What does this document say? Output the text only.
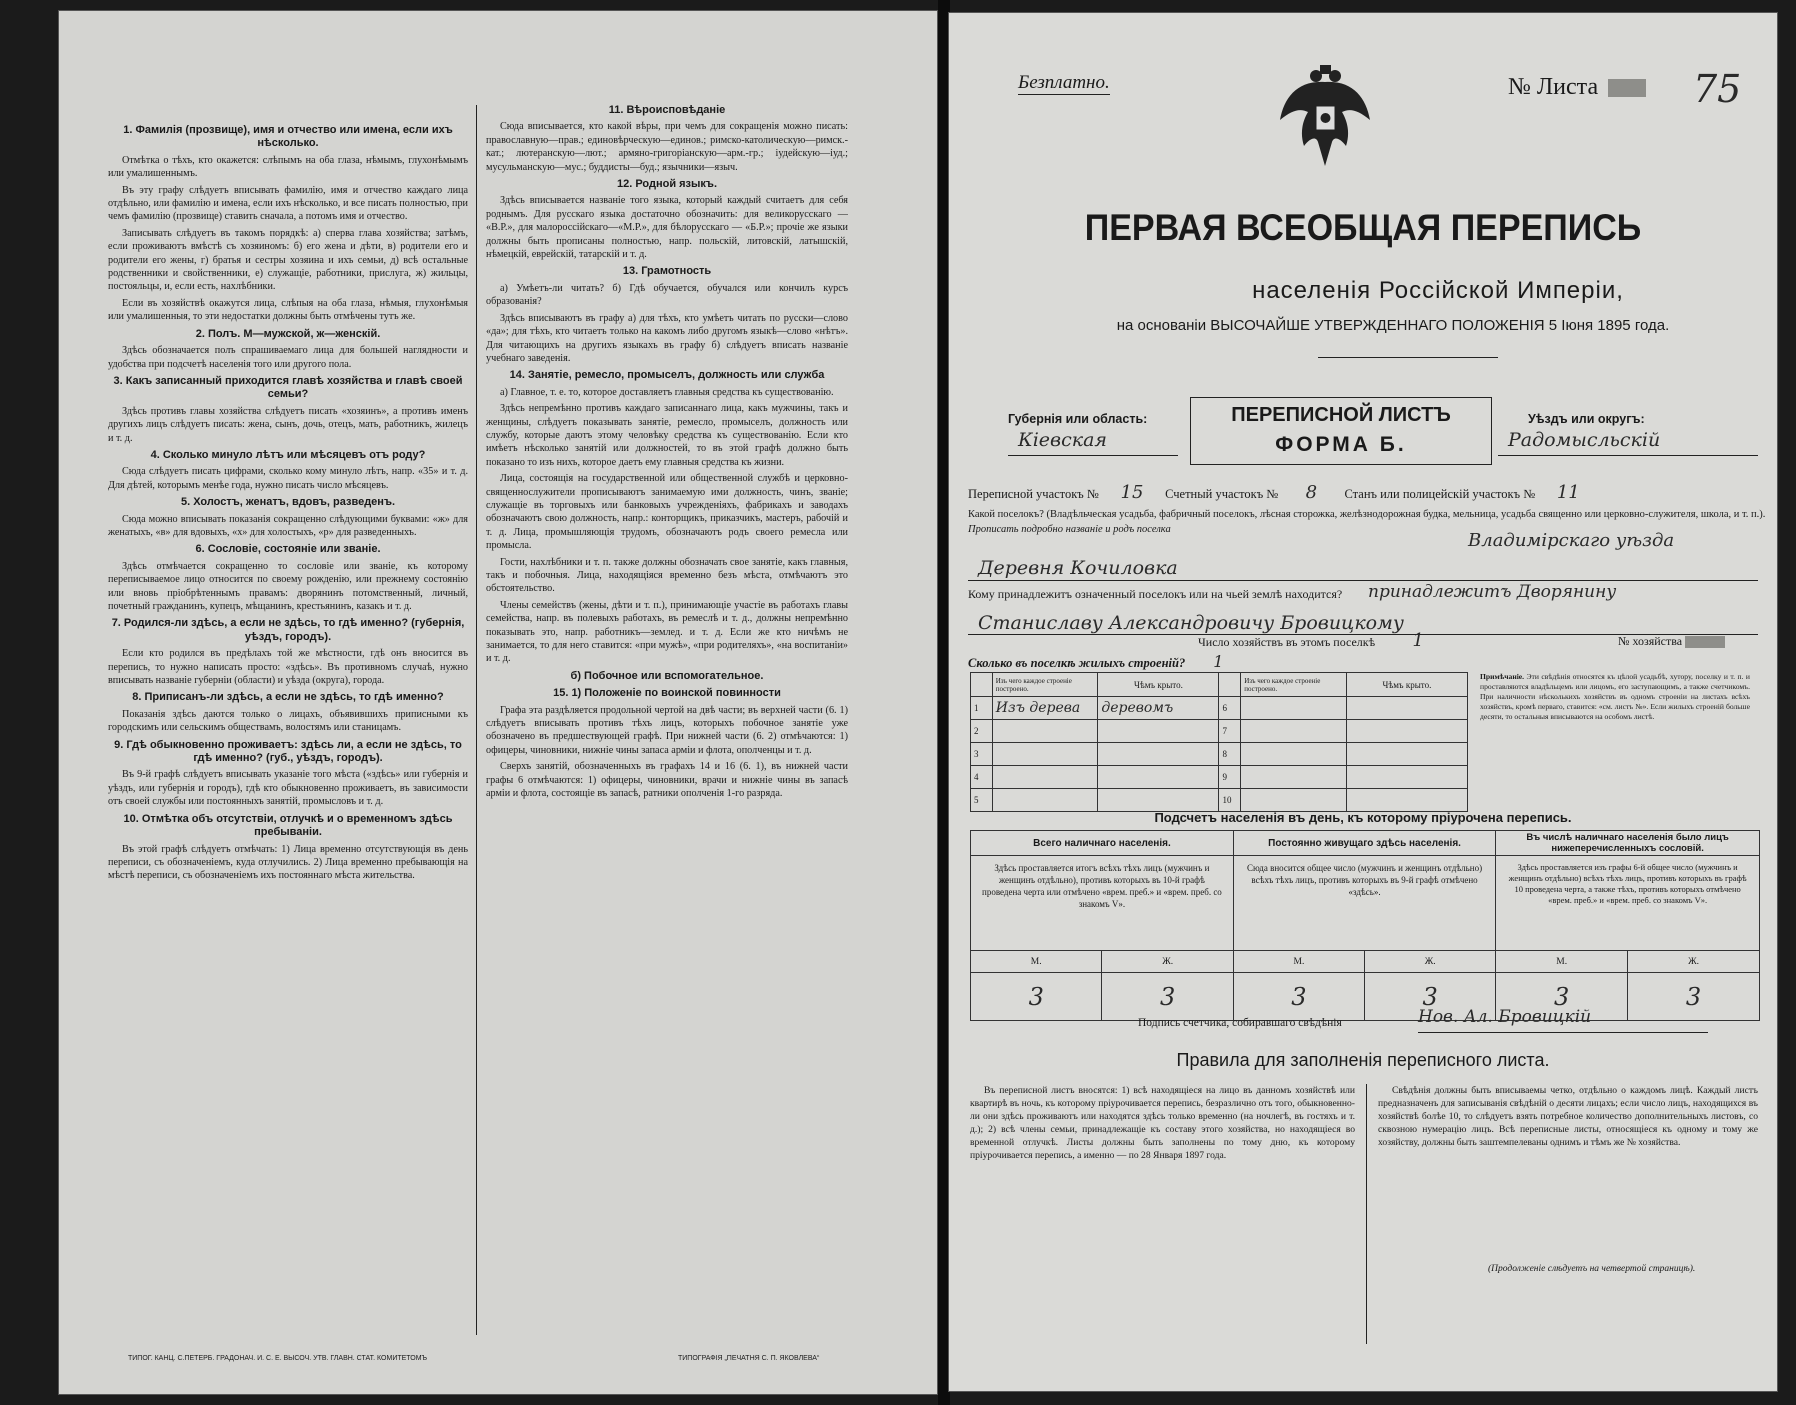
1. Фамилія (прозвище), имя и отчество или имена, если ихъ нѣсколько.

Отмѣтка о тѣхъ, кто окажется: слѣпымъ на оба глаза, нѣмымъ, глухонѣмымъ или умалишеннымъ.

Въ эту графу слѣдуетъ вписывать фамилію, имя и отчество каждаго лица отдѣльно, или фамилію и имена, если ихъ нѣсколько, и все писать полностью, при чемъ фамилію (прозвище) ставить сначала, а потомъ имя и отчество.

Записывать слѣдуетъ въ такомъ порядкѣ: а) сперва глава хозяйства; затѣмъ, если проживаютъ вмѣстѣ съ хозяиномъ: б) его жена и дѣти, в) родители его и родители его жены, г) братья и сестры хозяина и ихъ семьи, д) всѣ остальные родственники и свойственники, е) служащіе, работники, прислуга, ж) жильцы, постояльцы, и, если есть, нахлѣбники.

Если въ хозяйствѣ окажутся лица, слѣпыя на оба глаза, нѣмыя, глухонѣмыя или умалишенныя, то эти недостатки должны быть отмѣчены тутъ же.

2. Полъ. М—мужской, ж—женскій.

Здѣсь обозначается полъ спрашиваемаго лица для большей наглядности и удобства при подсчетѣ населенія того или другого пола.

3. Какъ записанный приходится главѣ хозяйства и главѣ своей семьи?

Здѣсь противъ главы хозяйства слѣдуетъ писать «хозяинъ», а противъ именъ другихъ лицъ слѣдуетъ писать: жена, сынъ, дочь, отецъ, мать, работникъ, жилецъ и т. д.

4. Сколько минуло лѣтъ или мѣсяцевъ отъ роду?

Сюда слѣдуетъ писать цифрами, сколько кому минуло лѣтъ, напр. «35» и т. д. Для дѣтей, которымъ менѣе года, нужно писать число мѣсяцевъ.

5. Холостъ, женатъ, вдовъ, разведенъ.

Сюда можно вписывать показанія сокращенно слѣдующими буквами: «ж» для женатыхъ, «в» для вдовыхъ, «х» для холостыхъ, «р» для разведенныхъ.

6. Сословіе, состояніе или званіе.

Здѣсь отмѣчается сокращенно то сословіе или званіе, къ которому переписываемое лицо относится по своему рожденію, или прежнему состоянію или вновь пріобрѣтеннымъ правамъ: дворянинъ потомственный, личный, почетный гражданинъ, купецъ, мѣщанинъ, крестьянинъ, казакъ и т. д.

7. Родился-ли здѣсь, а если не здѣсь, то гдѣ именно? (губернія, уѣздъ, городъ).

Если кто родился въ предѣлахъ той же мѣстности, гдѣ онъ вносится въ перепись, то нужно написать просто: «здѣсь». Въ противномъ случаѣ, нужно вписывать названіе губерніи (области) и уѣзда (округа), города.

8. Приписанъ-ли здѣсь, а если не здѣсь, то гдѣ именно?

Показанія здѣсь даются только о лицахъ, объявившихъ приписными къ городскимъ или сельскимъ обществамъ, волостямъ или станицамъ.

9. Гдѣ обыкновенно проживаетъ: здѣсь ли, а если не здѣсь, то гдѣ именно? (губ., уѣздъ, городъ).

Въ 9-й графѣ слѣдуетъ вписывать указаніе того мѣста («здѣсь» или губернія и уѣздъ, или губернія и городъ), гдѣ кто обыкновенно проживаетъ, въ зависимости отъ своей службы или постоянныхъ занятій, промысловъ и т. д.

10. Отмѣтка объ отсутствіи, отлучкѣ и о временномъ здѣсь пребываніи.

Въ этой графѣ слѣдуетъ отмѣчать: 1) Лица временно отсутствующія въ день переписи, съ обозначеніемъ, куда отлучились. 2) Лица временно пребывающія на мѣстѣ переписи, съ обозначеніемъ ихъ постояннаго мѣста жительства.

11. Вѣроисповѣданіе

Сюда вписывается, кто какой вѣры, при чемъ для сокращенія можно писать: православную—прав.; единовѣрческую—единов.; римско-католическую—римск.-кат.; лютеранскую—лют.; армяно-григоріанскую—арм.-гр.; іудейскую—іуд.; мусульманскую—мус.; буддисты—буд.; язычники—языч.

12. Родной языкъ.

Здѣсь вписывается названіе того языка, который каждый считаетъ для себя роднымъ. Для русскаго языка достаточно обозначить: для великорусскаго — «В.Р.», для малороссійскаго—«М.Р.», для бѣлорусскаго — «Б.Р.»; прочіе же языки должны быть прописаны полностью, напр. польскій, литовскій, латышскій, нѣмецкій, еврейскій, татарскій и т. д.

13. Грамотность

а) Умѣетъ-ли читать? б) Гдѣ обучается, обучался или кончилъ курсъ образованія?

Здѣсь вписываютъ въ графу а) для тѣхъ, кто умѣетъ читать по русски—слово «да»; для тѣхъ, кто читаетъ только на какомъ либо другомъ языкѣ—слово «нѣтъ». Для читающихъ на другихъ языкахъ въ графу б) слѣдуетъ вписать названіе учебнаго заведенія.

14. Занятіе, ремесло, промыселъ, должность или служба

а) Главное, т. е. то, которое доставляетъ главныя средства къ существованію.

Здѣсь непремѣнно противъ каждаго записаннаго лица, какъ мужчины, такъ и женщины, слѣдуетъ показывать занятіе, ремесло, промыселъ, должность или службу, которые даютъ этому человѣку средства къ существованію. Если кто имѣетъ нѣсколько занятій или должностей, то въ этой графѣ должно быть показано то изъ нихъ, которое даетъ ему главныя средства къ жизни.

Лица, состоящія на государственной или общественной службѣ и церковно-священнослужители прописываютъ занимаемую ими должность, чинъ, званіе; служащіе въ торговыхъ или банковыхъ учрежденіяхъ, фабрикахъ и заводахъ обозначаютъ свою должность, напр.: конторщикъ, приказчикъ, мастеръ, рабочій и т. д. Лица, промышляющія трудомъ, обозначаютъ родъ своего ремесла или промысла.

Гости, нахлѣбники и т. п. также должны обозначать свое занятіе, какъ главныя, такъ и побочныя. Лица, находящіяся временно безъ мѣста, отмѣчаютъ это обстоятельство.

Члены семействъ (жены, дѣти и т. п.), принимающіе участіе въ работахъ главы семейства, напр. въ полевыхъ работахъ, въ ремеслѣ и т. д., должны непремѣнно показывать это, напр. работникъ—землед. и т. д. Если же кто ничѣмъ не занимается, то для него ставится: «при мужѣ», «при родителяхъ», «на воспитаніи» и т. д.

б) Побочное или вспомогательное.
15. 1) Положеніе по воинской повинности

Графа эта раздѣляется продольной чертой на двѣ части; въ верхней части (6. 1) слѣдуетъ вписывать противъ тѣхъ лицъ, которыхъ побочное занятіе уже обозначено въ предшествующей графѣ. При нижней части (6. 2) отмѣчаются: 1) офицеры, чиновники, нижніе чины запаса армiи и флота, ополченцы и т. д.

Сверхъ занятій, обозначенныхъ въ графахъ 14 и 16 (6. 1), въ нижней части графы 6 отмѣчаются: 1) офицеры, чиновники, врачи и нижніе чины въ запасѣ армiи и флота, состоящіе въ запасѣ, ратники ополченія 1-го разряда.

ТИПОГ. КАНЦ. С.ПЕТЕРБ. ГРАДОНАЧ. И. С. Е. ВЫСОЧ. УТВ. ГЛАВН. СТАТ. КОМИТЕТОМЪ	ТИПОГРАФІЯ „ПЕЧАТНЯ С. П. ЯКОВЛЕВА“
Безплатно.	№ Листа	75
ПЕРВАЯ ВСЕОБЩАЯ ПЕРЕПИСЬ
населенія Россійской Имперіи,
на основаніи ВЫСОЧАЙШЕ УТВЕРЖДЕННАГО ПОЛОЖЕНІЯ 5 Іюня 1895 года.
Губернія или область:
Кіевская
ПЕРЕПИСНОЙ ЛИСТЪ
ФОРМА Б.
Уѣздъ или округъ:
Радомысльскій
Переписной участокъ № 15 Счетный участокъ № 8 Станъ или полицейскій участокъ № 11
Какой поселокъ? (Владѣльческая усадьба, фабричный поселокъ, лѣсная сторожка, желѣзнодорожная будка, мельница, усадьба священно или церковно-служителя, школа, и т. п.). Прописать подробно названіе и родъ поселка
Владимірскаго уѣзда
Деревня Кочиловка
Кому принадлежитъ означенный поселокъ или на чьей землѣ находится? принадлежитъ Дворянину
Станиславу Александровичу Бровицкому
Число хозяйствъ въ этомъ поселкѣ 1	№ хозяйства
Сколько въ поселкѣ жилыхъ строеній? 1
	Изъ чего каждое строеніе построено.	Чѣмъ крыто.		Изъ чего каждое строеніе построено.	Чѣмъ крыто.
1	Изъ дерева	деревомъ	6		
2			7		
3			8		
4			9		
5			10		
Примѣчаніе. Эти свѣдѣнія относятся къ цѣлой усадьбѣ, хутору, поселку и т. п. и проставляются владѣльцемъ или лицомъ, его заступающимъ, а также счетчикомъ. При наличности нѣсколькихъ хозяйствъ въ одномъ строеніи на листахъ всѣхъ хозяйствъ, кромѣ перваго, ставится: «см. листъ №». Если жилыхъ строеній больше десяти, то остальныя вписываются на особомъ листѣ.
Подсчетъ населенія въ день, къ которому пріурочена перепись.
Всего наличнаго населенія.		Постоянно живущаго здѣсь населенія.		Въ числѣ наличнаго населенія было лицъ нижеперечисленныхъ сословій.	
Здѣсь проставляется итогъ всѣхъ тѣхъ лицъ (мужчинъ и женщинъ отдѣльно), противъ которыхъ въ 10-й графѣ проведена черта или отмѣчено «врем. преб.» и «врем. преб. со знакомъ V».		Сюда вносится общее число (мужчинъ и женщинъ отдѣльно) всѣхъ тѣхъ лицъ, противъ которыхъ въ 9-й графѣ отмѣчено «здѣсь».		Здѣсь проставляется изъ графы 6-й общее число (мужчинъ и женщинъ отдѣльно) всѣхъ тѣхъ лицъ, противъ которыхъ въ графѣ 10 проведена черта, а также тѣхъ, противъ которыхъ отмѣчено «врем. преб.» и «врем. преб. со знакомъ V».	
М.	Ж.	М.	Ж.	М.	Ж.
3	3	3	3	3	3
Подпись счетчика, собиравшаго свѣдѣнія	Нов. Ал. Бровицкій
Правила для заполненія переписного листа.

Въ переписной листъ вносятся: 1) всѣ находящіеся на лицо въ данномъ хозяйствѣ или квартирѣ въ ночь, къ которому пріурочивается перепись, безразлично отъ того, обыкновенно-ли они здѣсь проживаютъ или находятся здѣсь только временно (на ночлегѣ, въ гостяхъ и т. д.); 2) всѣ члены семьи, принадлежащіе къ составу этого хозяйства, но находящіеся во временной отлучкѣ. Листы должны быть заполнены по тому дню, къ которому пріурочивается перепись, а именно — по 28 Января 1897 года.

Свѣдѣнія должны быть вписываемы четко, отдѣльно о каждомъ лицѣ. Каждый листъ предназначенъ для записыванія свѣдѣній о десяти лицахъ; если число лицъ, находящихся въ хозяйствѣ болѣе 10, то слѣдуетъ взять потребное количество дополнительныхъ листовъ, со сквозною нумерацію лицъ. Всѣ переписные листы, относящіеся къ одному и тому же хозяйству, должны быть заштемпелеваны однимъ и тѣмъ же № хозяйства.

(Продолженіе слѣдуетъ на четвертой страницѣ).
